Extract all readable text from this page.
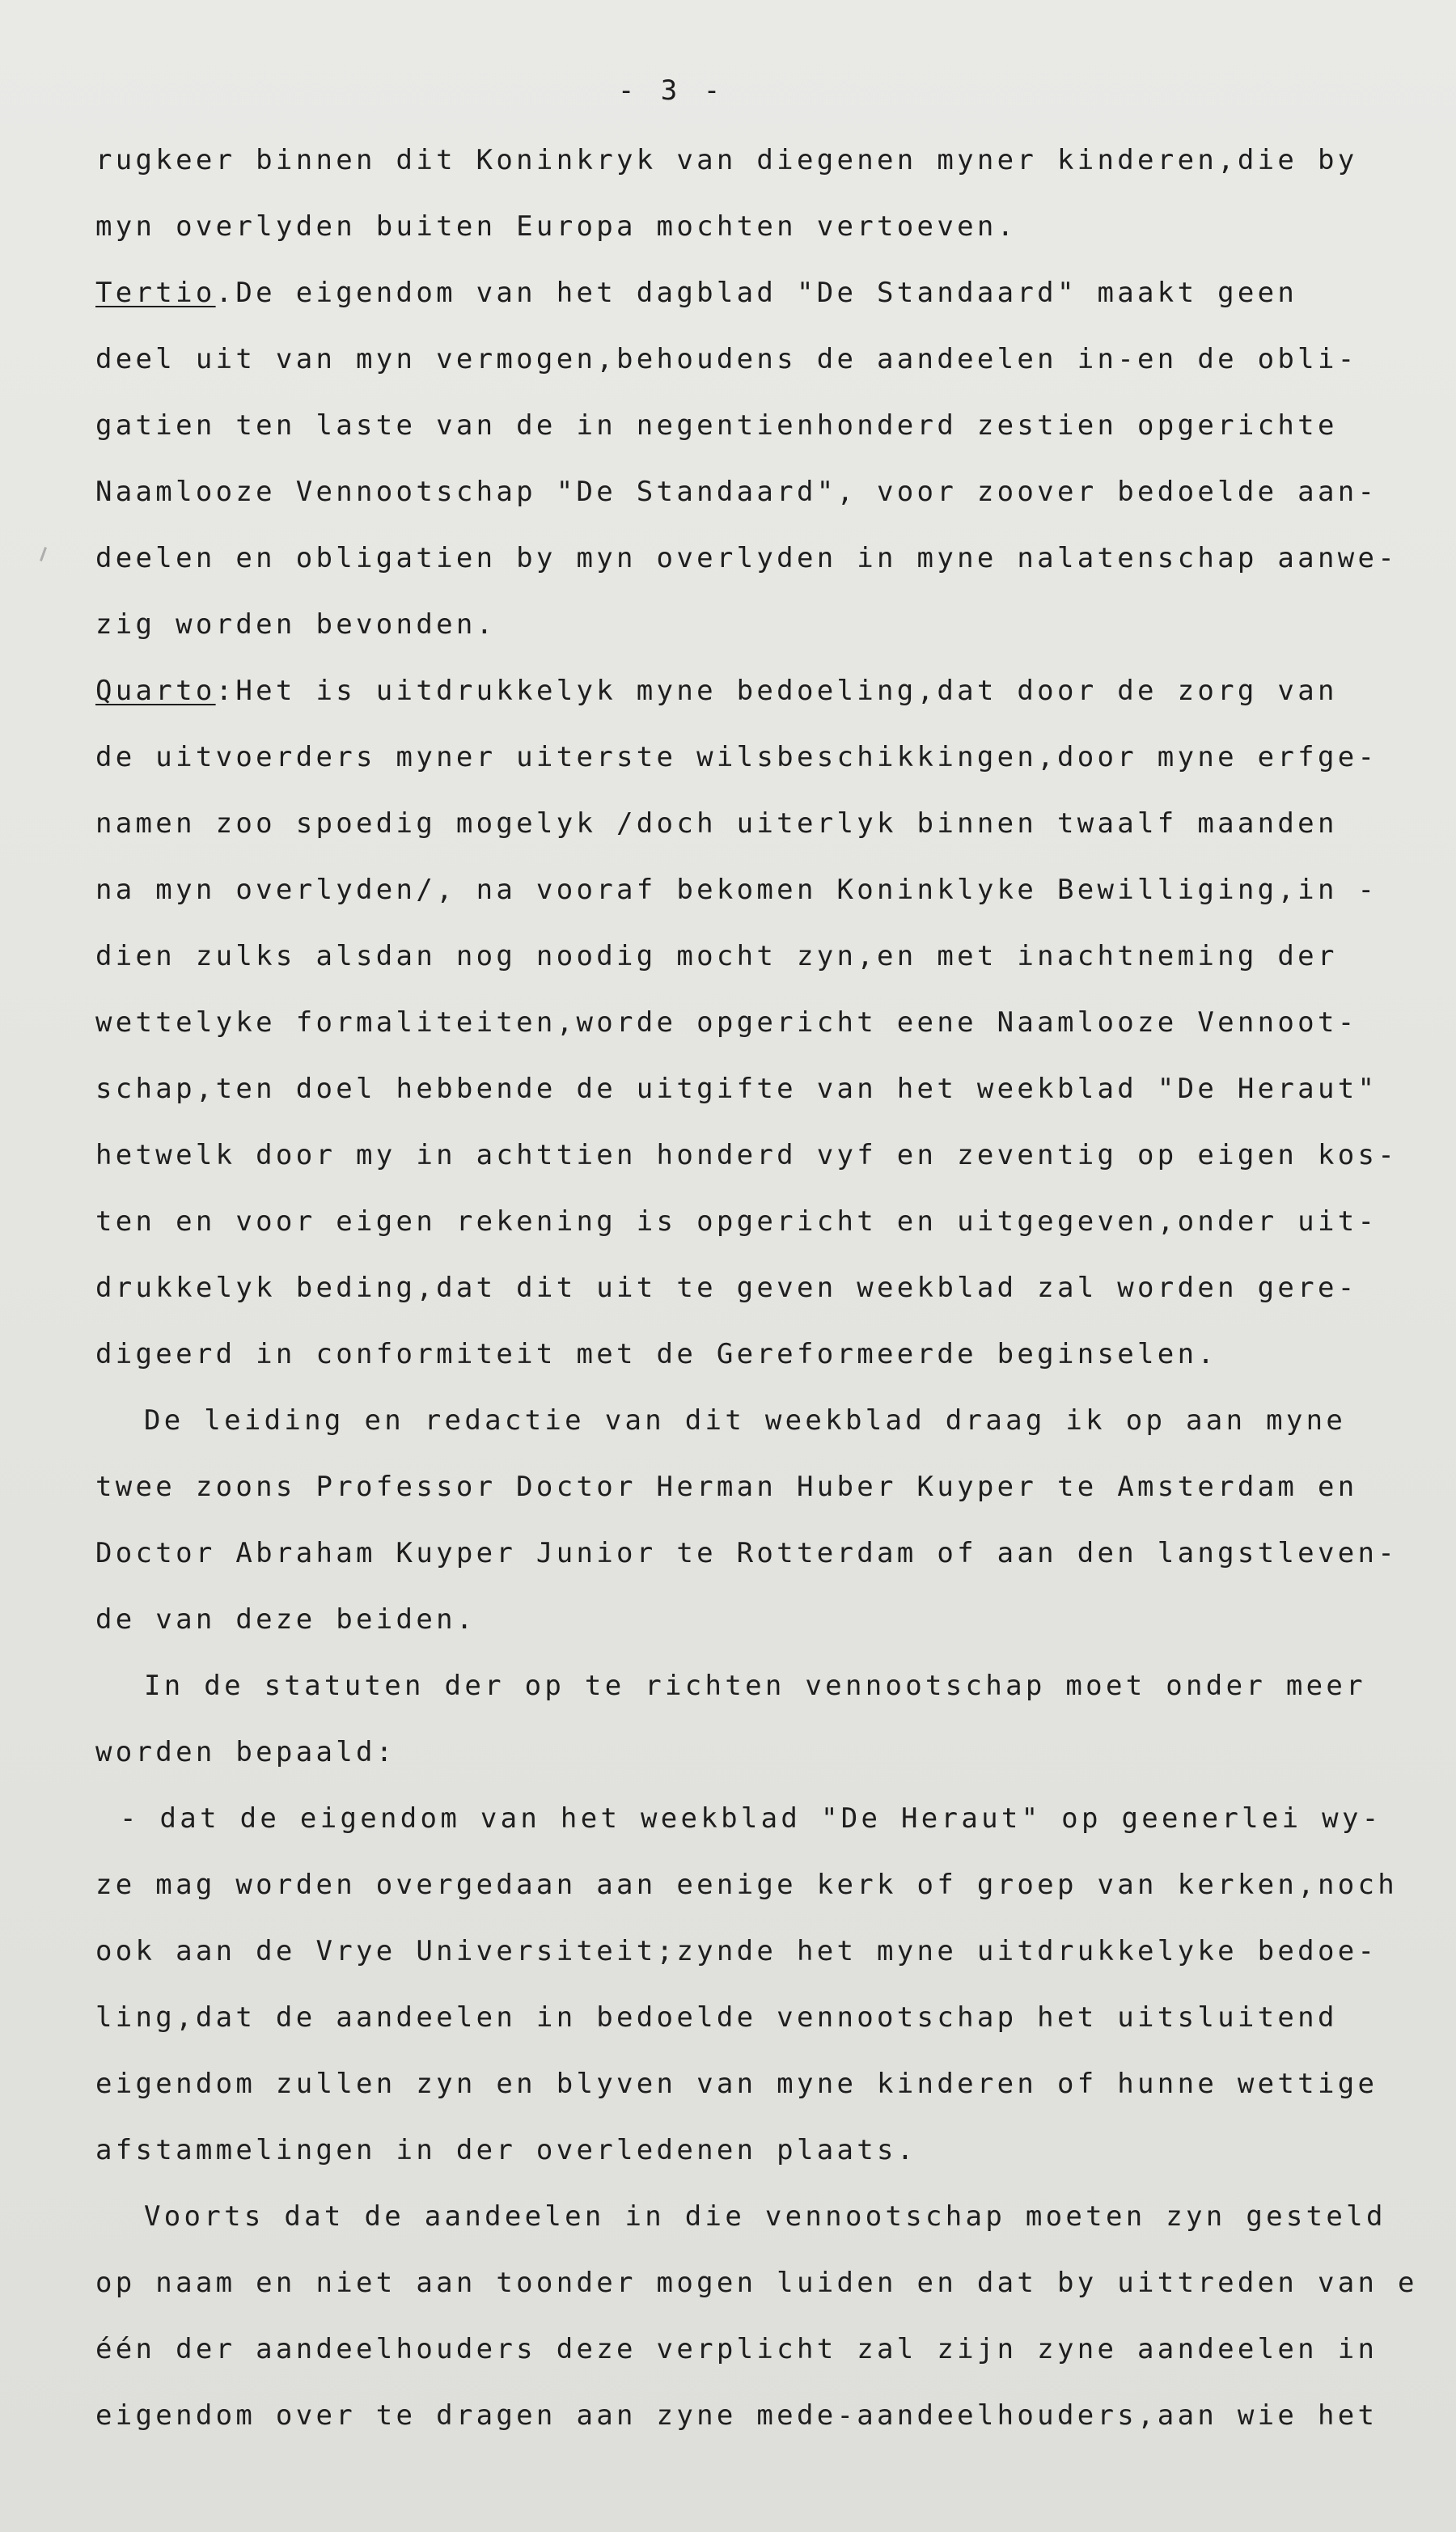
- 3 -
rugkeer binnen dit Koninkryk van diegenen myner kinderen,die by
myn overlyden buiten Europa mochten vertoeven.
Tertio.De eigendom van het dagblad "De Standaard" maakt geen
deel uit van myn vermogen,behoudens de aandeelen in-en de obli-
gatien ten laste van de in negentienhonderd zestien opgerichte
Naamlooze Vennootschap "De Standaard", voor zoover bedoelde aan-
deelen en obligatien by myn overlyden in myne nalatenschap aanwe-
zig worden bevonden.
Quarto:Het is uitdrukkelyk myne bedoeling,dat door de zorg van
de uitvoerders myner uiterste wilsbeschikkingen,door myne erfge-
namen zoo spoedig mogelyk /doch uiterlyk binnen twaalf maanden
na myn overlyden/, na vooraf bekomen Koninklyke Bewilliging,in -
dien zulks alsdan nog noodig mocht zyn,en met inachtneming der
wettelyke formaliteiten,worde opgericht eene Naamlooze Vennoot-
schap,ten doel hebbende de uitgifte van het weekblad "De Heraut"
hetwelk door my in achttien honderd vyf en zeventig op eigen kos-
ten en voor eigen rekening is opgericht en uitgegeven,onder uit-
drukkelyk beding,dat dit uit te geven weekblad zal worden gere-
digeerd in conformiteit met de Gereformeerde beginselen.
De leiding en redactie van dit weekblad draag ik op aan myne
twee zoons Professor Doctor Herman Huber Kuyper te Amsterdam en
Doctor Abraham Kuyper Junior te Rotterdam of aan den langstleven-
de van deze beiden.
In de statuten der op te richten vennootschap moet onder meer
worden bepaald:
- dat de eigendom van het weekblad "De Heraut" op geenerlei wy-
ze mag worden overgedaan aan eenige kerk of groep van kerken,noch
ook aan de Vrye Universiteit;zynde het myne uitdrukkelyke bedoe-
ling,dat de aandeelen in bedoelde vennootschap het uitsluitend
eigendom zullen zyn en blyven van myne kinderen of hunne wettige
afstammelingen in der overledenen plaats.
Voorts dat de aandeelen in die vennootschap moeten zyn gesteld
op naam en niet aan toonder mogen luiden en dat by uittreden van e
één der aandeelhouders deze verplicht zal zijn zyne aandeelen in
eigendom over te dragen aan zyne mede-aandeelhouders,aan wie het
